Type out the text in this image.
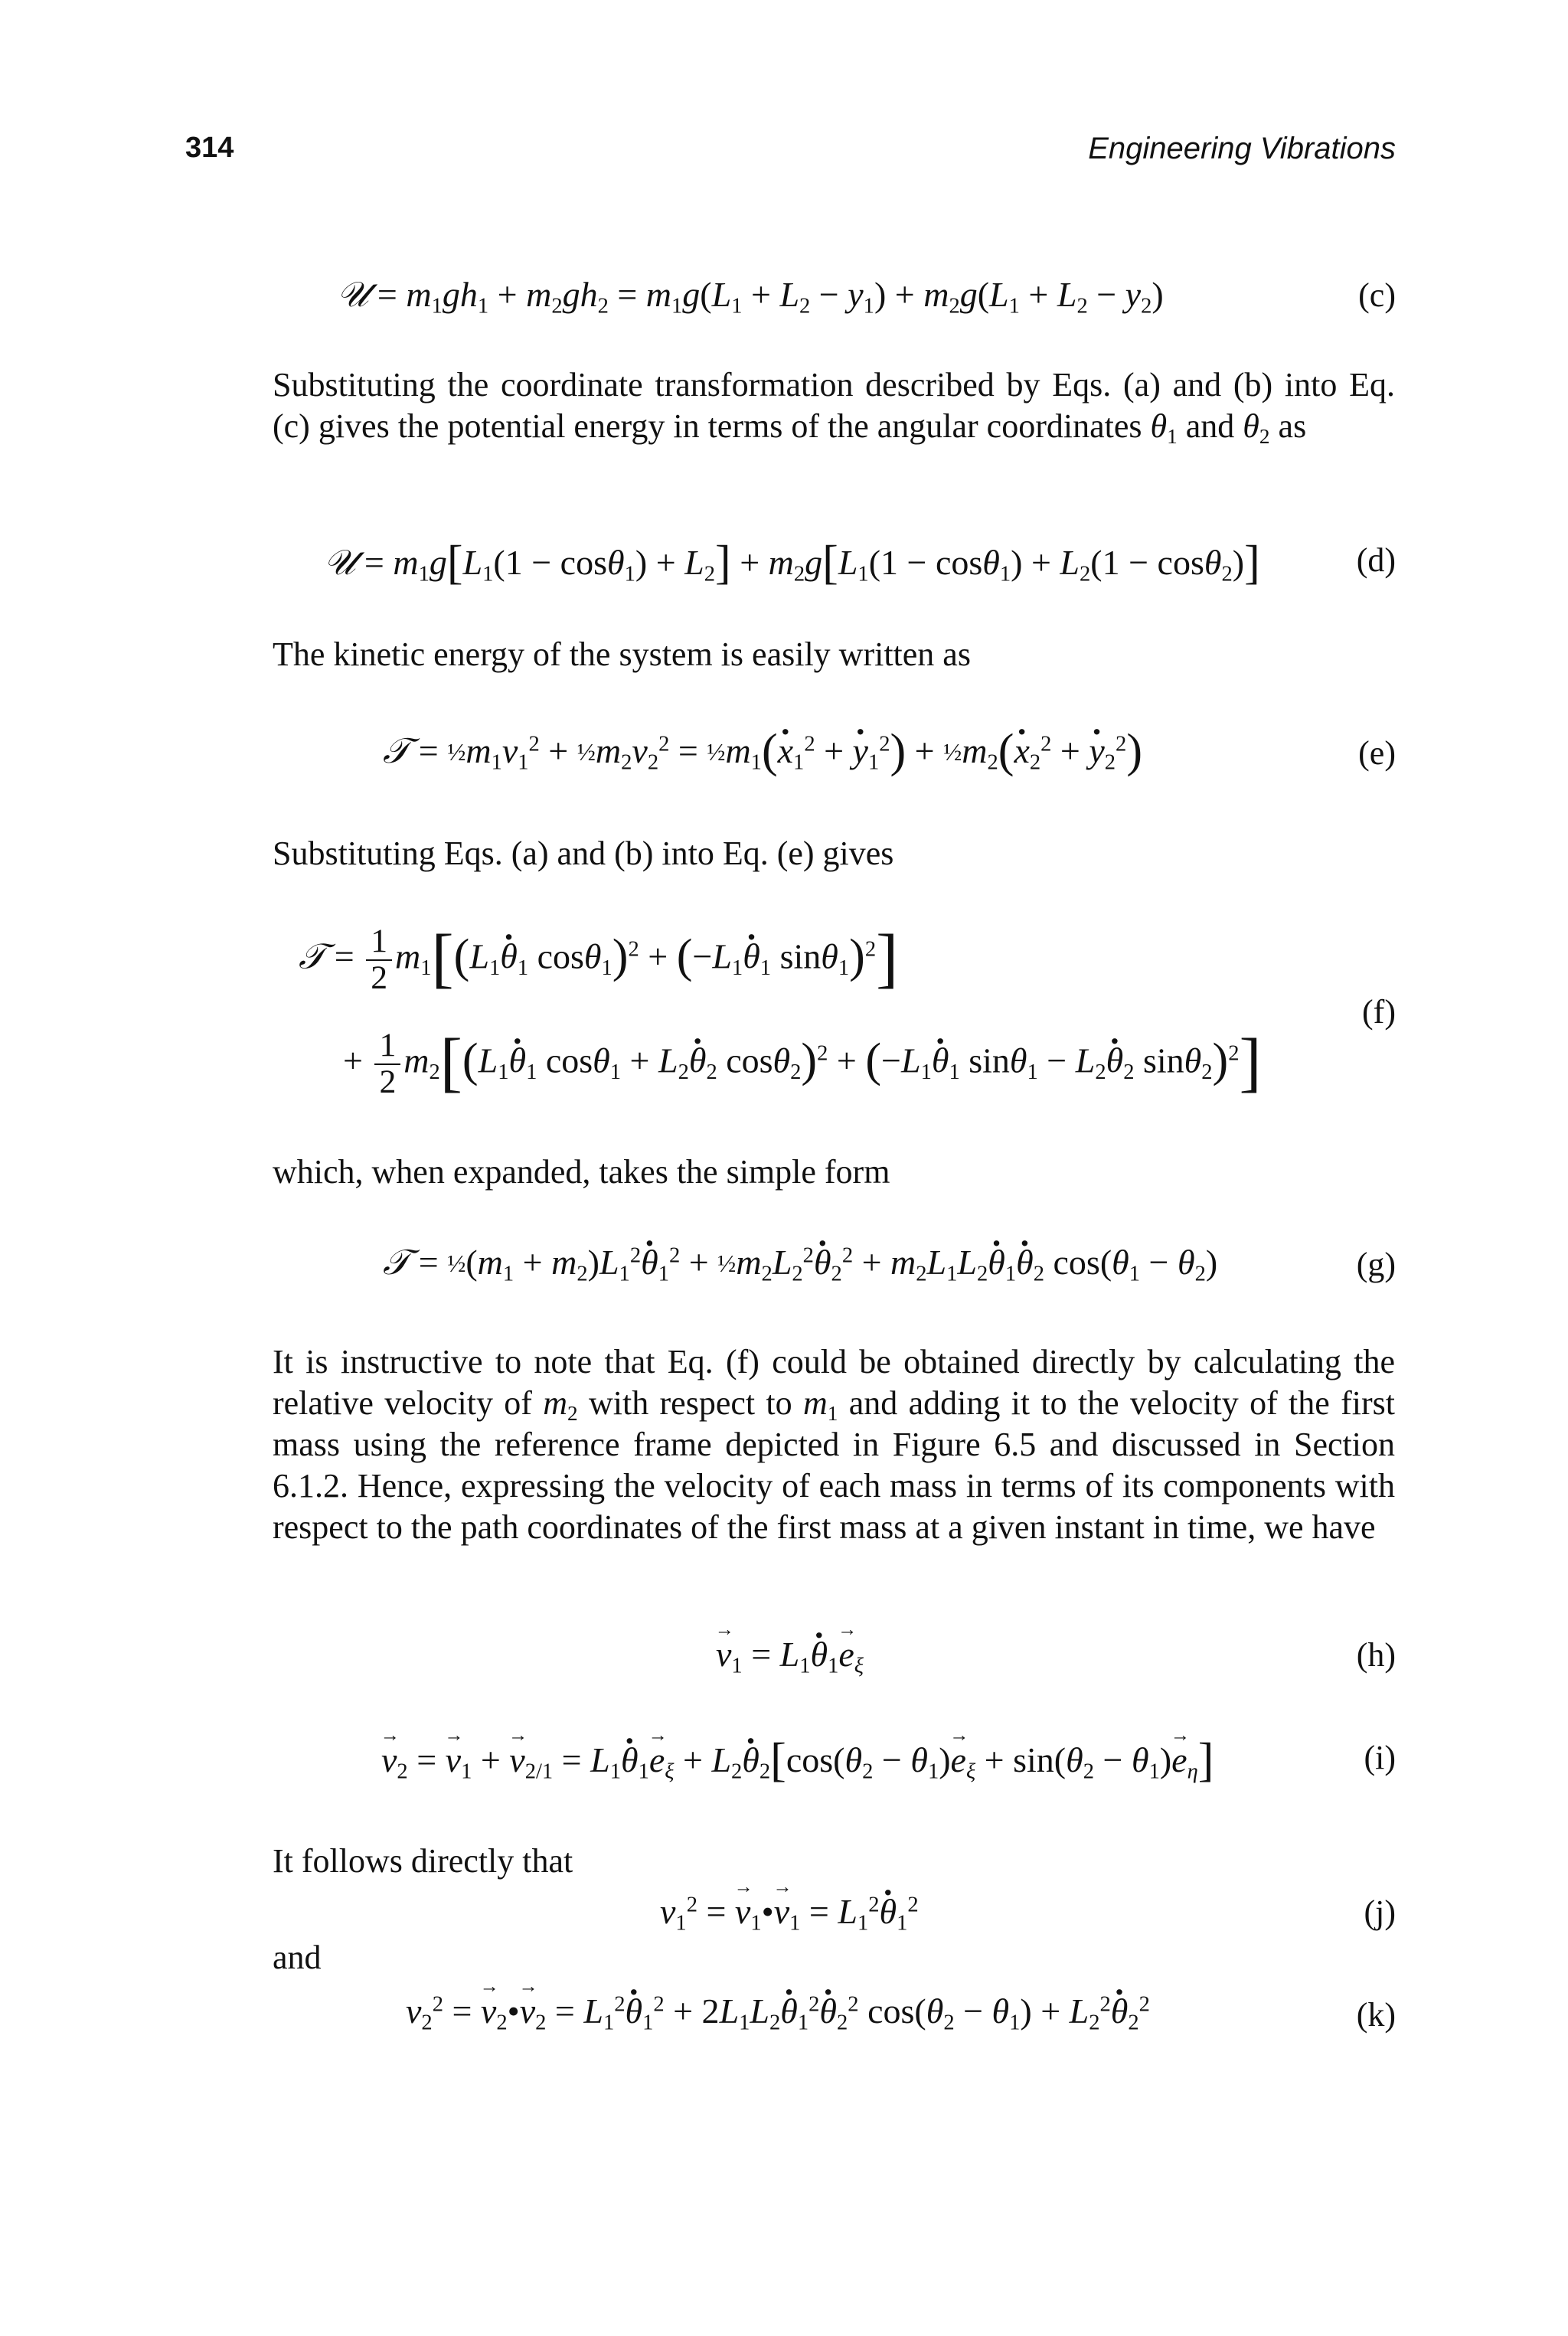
314	Engineering Vibrations
𝒰 = $m_1gh_1 + m_2gh_2 = m_1g(L_1 + L_2 - y_1) + m_2g(L_1 + L_2 - y_2)$	(c)

Substituting the coordinate transformation described by Eqs. (a) and (b) into Eq. (c) gives the potential energy in terms of the angular coordinates $\theta_1$ and $\theta_2$ as

𝒰 = $m_1g[L_1(1 - \cos\theta_1) + L_2] + m_2g[L_1(1 - \cos\theta_1) + L_2(1 - \cos\theta_2)]$	(d)

The kinetic energy of the system is easily written as

𝒯 = $\frac{1}{2}m_1v_1^2$ + $\frac{1}{2}m_2v_2^2$ = $\frac{1}{2}m_1(\cdot x_1^2$ + · $y_1^2$) + $\frac{1}{2}m_2(\cdot x_2^2$ + · $y_2^2$)	(e)

Substituting Eqs. (a) and (b) into Eq. (e) gives

𝒯 = $\frac{1}{2} m_1[(L_1\cdot \theta_1$ $\cos\theta_1)^2 + (-L_1\cdot \theta_1$ sinθ$_1$)$^2$]
+ $\frac{1}{2} m_2[(L_1\cdot \theta_1$ $\cos\theta_1 + L_2\cdot \theta_2$ $\cos\theta_2)^2 + (-L_1\cdot \theta_1$ $\sin\theta_1 - L_2\cdot \theta_2$ sinθ$_2$)$^2$]
(f)

which, when expanded, takes the simple form

𝒯 = $\frac{1}{2}(m_1 + m_2)L_1^2\cdot \theta_1^2$ + $\frac{1}{2}m_2L_2^2\cdot \theta_2^2 + m_2L_1L_2\cdot \theta_1\cdot \theta_2$ $\cos(\theta_1 - \theta_2)$	(g)

It is instructive to note that Eq. (f) could be obtained directly by calculating the relative velocity of $m_2$ with respect to $m_1$ and adding it to the velocity of the first mass using the reference frame depicted in Figure 6.5 and discussed in Section 6.1.2. Hence, expressing the velocity of each mass in terms of its components with respect to the path coordinates of the first mass at a given instant in time, we have

→ $v_1 = L_1\cdot \theta_1\to e_\xi$	(h)
→ $v_2$ = → $v_1$ + → $v_{2/1} = L_1\cdot \theta_1\to e_\xi + L_2\cdot \theta_2[\cos(\theta_2 - \theta_1)\to e_\xi + \sin(\theta_2 - \theta_1)\to e_\eta]$	(i)

It follows directly that

$v_1^2$ = → $v_1•\to v_1 = L_1^2\cdot \theta_1^2$	(j)

and

$v_2^2$ = → $v_2•\to v_2 = L_1^2\cdot \theta_1^2 + 2L_1L_2\cdot \theta_1^2\cdot \theta_2^2$ $\cos(\theta_2 - \theta_1) + L_2^2\cdot \theta_2^2$	(k)
